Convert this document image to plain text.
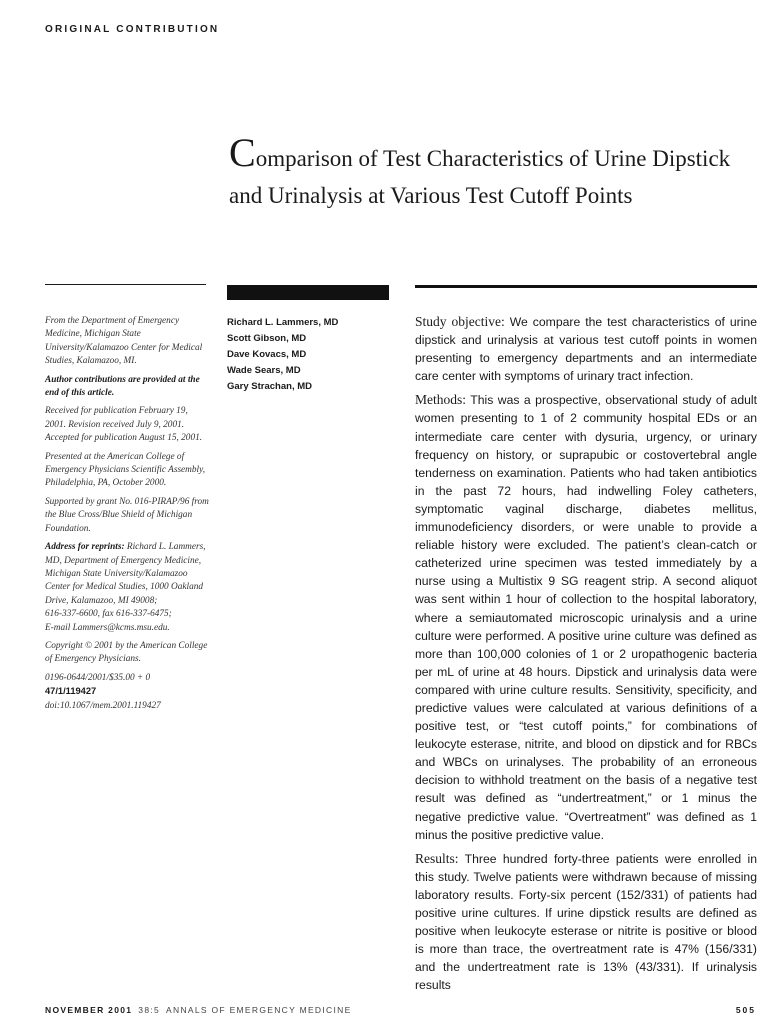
ORIGINAL CONTRIBUTION
Comparison of Test Characteristics of Urine Dipstick and Urinalysis at Various Test Cutoff Points

From the Department of Emergency Medicine, Michigan State University/Kalamazoo Center for Medical Studies, Kalamazoo, MI.

Author contributions are provided at the end of this article.

Received for publication February 19, 2001. Revision received July 9, 2001. Accepted for publication August 15, 2001.

Presented at the American College of Emergency Physicians Scientific Assembly, Philadelphia, PA, October 2000.

Supported by grant No. 016-PIRAP/96 from the Blue Cross/Blue Shield of Michigan Foundation.

Address for reprints: Richard L. Lammers, MD, Department of Emergency Medicine, Michigan State University/Kalamazoo Center for Medical Studies, 1000 Oakland Drive, Kalamazoo, MI 49008;
616-337-6600, fax 616-337-6475;
E-mail Lammers@kcms.msu.edu.

Copyright © 2001 by the American College of Emergency Physicians.

0196-0644/2001/$35.00 + 0
47/1/119427
doi:10.1067/mem.2001.119427

Richard L. Lammers, MD
Scott Gibson, MD
Dave Kovacs, MD
Wade Sears, MD
Gary Strachan, MD

Study objective: We compare the test characteristics of urine dipstick and urinalysis at various test cutoff points in women presenting to emergency departments and an intermediate care center with symptoms of urinary tract infection.

Methods: This was a prospective, observational study of adult women presenting to 1 of 2 community hospital EDs or an intermediate care center with dysuria, urgency, or urinary frequency on history, or suprapubic or costovertebral angle tenderness on examination. Patients who had taken antibiotics in the past 72 hours, had indwelling Foley catheters, symptomatic vaginal discharge, diabetes mellitus, immunodeficiency disorders, or were unable to provide a reliable history were excluded. The patient’s clean-catch or catheterized urine specimen was tested immediately by a nurse using a Multistix 9 SG reagent strip. A second aliquot was sent within 1 hour of collection to the hospital laboratory, where a semiautomated microscopic urinalysis and a urine culture were performed. A positive urine culture was defined as more than 100,000 colonies of 1 or 2 uropathogenic bacteria per mL of urine at 48 hours. Dipstick and urinalysis data were compared with urine culture results. Sensitivity, specificity, and predictive values were calculated at various definitions of a positive test, or “test cutoff points,” for combinations of leukocyte esterase, nitrite, and blood on dipstick and for RBCs and WBCs on urinalyses. The probability of an erroneous decision to withhold treatment on the basis of a negative test result was defined as “undertreatment,” or 1 minus the negative predictive value. “Overtreatment” was defined as 1 minus the positive predictive value.

Results: Three hundred forty-three patients were enrolled in this study. Twelve patients were withdrawn because of missing laboratory results. Forty-six percent (152/331) of patients had positive urine cultures. If urine dipstick results are defined as positive when leukocyte esterase or nitrite is positive or blood is more than trace, the overtreatment rate is 47% (156/331) and the undertreatment rate is 13% (43/331). If urinalysis results

NOVEMBER 2001 38:5 ANNALS OF EMERGENCY MEDICINE	505
